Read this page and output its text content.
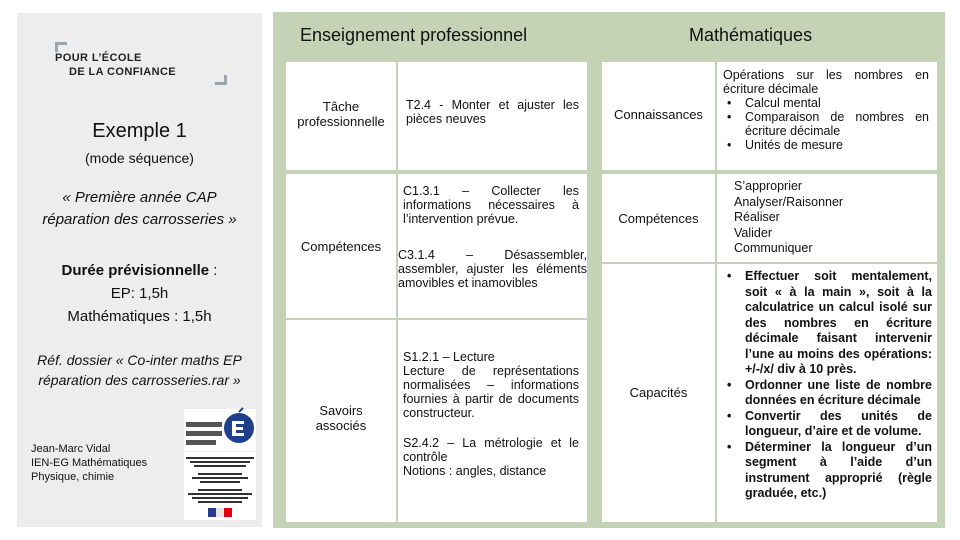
POUR L’ÉCOLE
DE LA CONFIANCE
Exemple 1
(mode séquence)
« Première année CAP
réparation des carrosseries »
Durée prévisionnelle :
EP: 1,5h
Mathématiques : 1,5h
Réf. dossier « Co-inter maths EP
réparation des carrosseries.rar »
Jean-Marc Vidal
IEN-EG Mathématiques
Physique, chimie
Enseignement professionnel	Mathématiques
Tâche
professionnelle
T2.4 - Monter et ajuster les pièces neuves
Compétences
C1.3.1 – Collecter les informations nécessaires à l’intervention prévue.
C3.1.4 – Désassembler, assembler, ajuster les éléments amovibles et inamovibles
Savoirs
associés
S1.2.1 – Lecture
Lecture de représentations normalisées – informations fournies à partir de documents constructeur.
S2.4.2 – La métrologie et le contrôle
Notions : angles, distance
Connaissances
Opérations sur les nombres en écriture décimale
• Calcul mental
• Comparaison de nombres en écriture décimale
• Unités de mesure
Compétences
S’approprier
Analyser/Raisonner
Réaliser
Valider
Communiquer
Capacités
• Effectuer soit mentalement, soit « à la main », soit à la calculatrice un calcul isolé sur des nombres en écriture décimale faisant intervenir l’une au moins des opérations: +/-/x/ div à 10 près.
• Ordonner une liste de nombre données en écriture décimale
• Convertir des unités de longueur, d’aire et de volume.
• Déterminer la longueur d’un segment à l’aide d’un instrument approprié (règle graduée, etc.)
